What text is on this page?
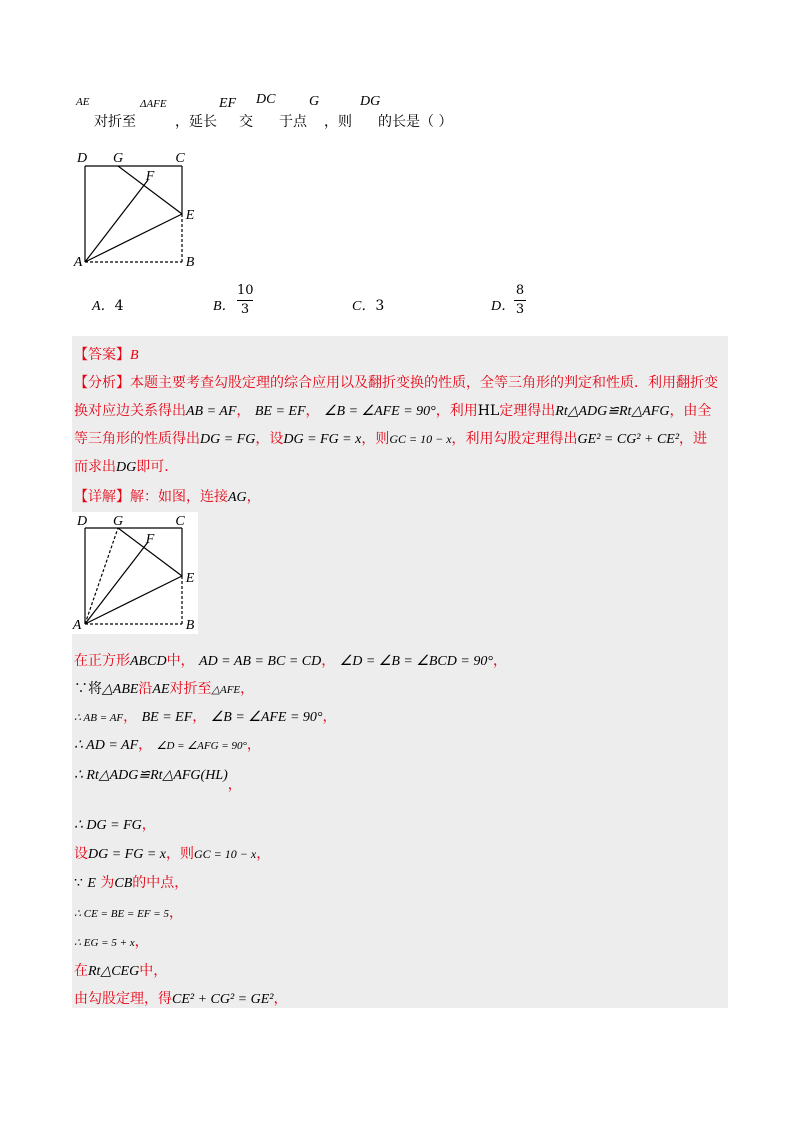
AE
对折至
ΔAFE
，延长
EF
交
DC
于点
G
，则
DG
的长是（ ）
D G	C
F
E
A	B
A．4	B．
10
3	C．3	D．
8
3
【答案】B
【分析】本题主要考查勾股定理的综合应用以及翻折变换的性质，全等三角形的判定和性质．利用翻折变
换对应边关系得出AB = AF， BE = EF， ∠B = ∠AFE = 90°，利用HL定理得出Rt△ADG≌Rt△AFG，由全
等三角形的性质得出DG = FG，设DG = FG = x，则GC = 10 − x，利用勾股定理得出GE² = CG² + CE²，进
而求出DG即可.
【详解】解：如图，连接AG，
D G	C
F
E
A	B
在正方形ABCD中， AD = AB = BC = CD， ∠D = ∠B = ∠BCD = 90°，
∵将△ABE沿AE对折至△AFE，
∴ AB = AF， BE = EF， ∠B = ∠AFE = 90°，
∴ AD = AF， ∠D = ∠AFG = 90°，
∴ Rt△ADG≌Rt△AFG(HL)，
∴ DG = FG，
设DG = FG = x，则GC = 10 − x，
∵ E 为CB的中点，
∴ CE = BE = EF = 5，
∴ EG = 5 + x，
在Rt△CEG中，
由勾股定理，得CE² + CG² = GE²，
